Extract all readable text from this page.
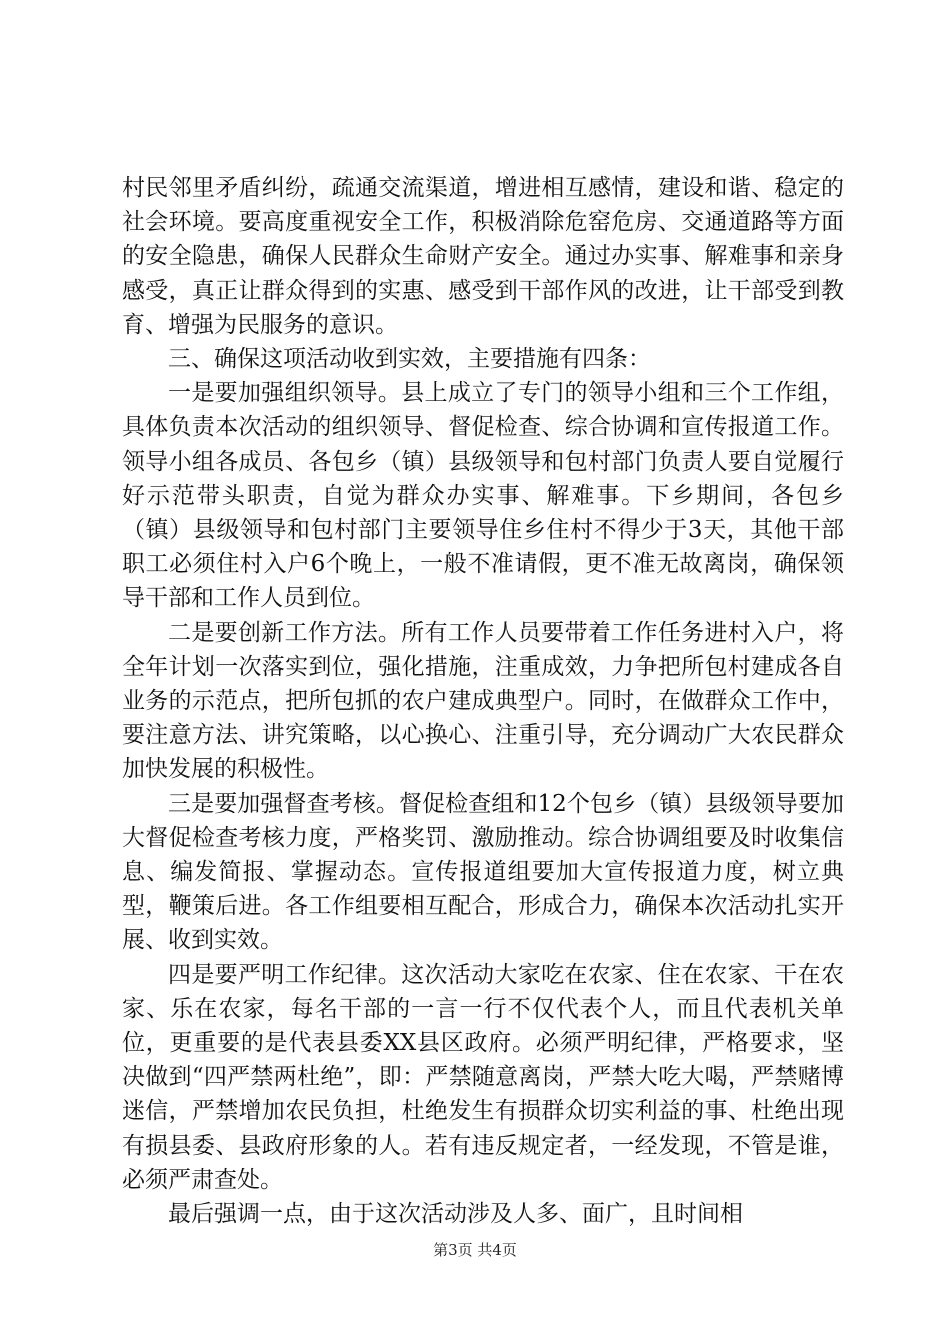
村民邻里矛盾纠纷，疏通交流渠道，增进相互感情，建设和谐、稳定的社会环境。要高度重视安全工作，积极消除危窑危房、交通道路等方面的安全隐患，确保人民群众生命财产安全。通过办实事、解难事和亲身感受，真正让群众得到的实惠、感受到干部作风的改进，让干部受到教育、增强为民服务的意识。

三、确保这项活动收到实效，主要措施有四条：

一是要加强组织领导。县上成立了专门的领导小组和三个工作组，具体负责本次活动的组织领导、督促检查、综合协调和宣传报道工作。领导小组各成员、各包乡（镇）县级领导和包村部门负责人要自觉履行好示范带头职责，自觉为群众办实事、解难事。下乡期间，各包乡（镇）县级领导和包村部门主要领导住乡住村不得少于3天，其他干部职工必须住村入户6个晚上，一般不准请假，更不准无故离岗，确保领导干部和工作人员到位。

二是要创新工作方法。所有工作人员要带着工作任务进村入户，将全年计划一次落实到位，强化措施，注重成效，力争把所包村建成各自业务的示范点，把所包抓的农户建成典型户。同时，在做群众工作中，要注意方法、讲究策略，以心换心、注重引导，充分调动广大农民群众加快发展的积极性。

三是要加强督查考核。督促检查组和12个包乡（镇）县级领导要加大督促检查考核力度，严格奖罚、激励推动。综合协调组要及时收集信息、编发简报、掌握动态。宣传报道组要加大宣传报道力度，树立典型，鞭策后进。各工作组要相互配合，形成合力，确保本次活动扎实开展、收到实效。

四是要严明工作纪律。这次活动大家吃在农家、住在农家、干在农家、乐在农家，每名干部的一言一行不仅代表个人，而且代表机关单位，更重要的是代表县委XX县区政府。必须严明纪律，严格要求，坚决做到“四严禁两杜绝”，即：严禁随意离岗，严禁大吃大喝，严禁赌博迷信，严禁增加农民负担，杜绝发生有损群众切实利益的事、杜绝出现有损县委、县政府形象的人。若有违反规定者，一经发现，不管是谁，必须严肃查处。

最后强调一点，由于这次活动涉及人多、面广，且时间相

第3页 共4页
